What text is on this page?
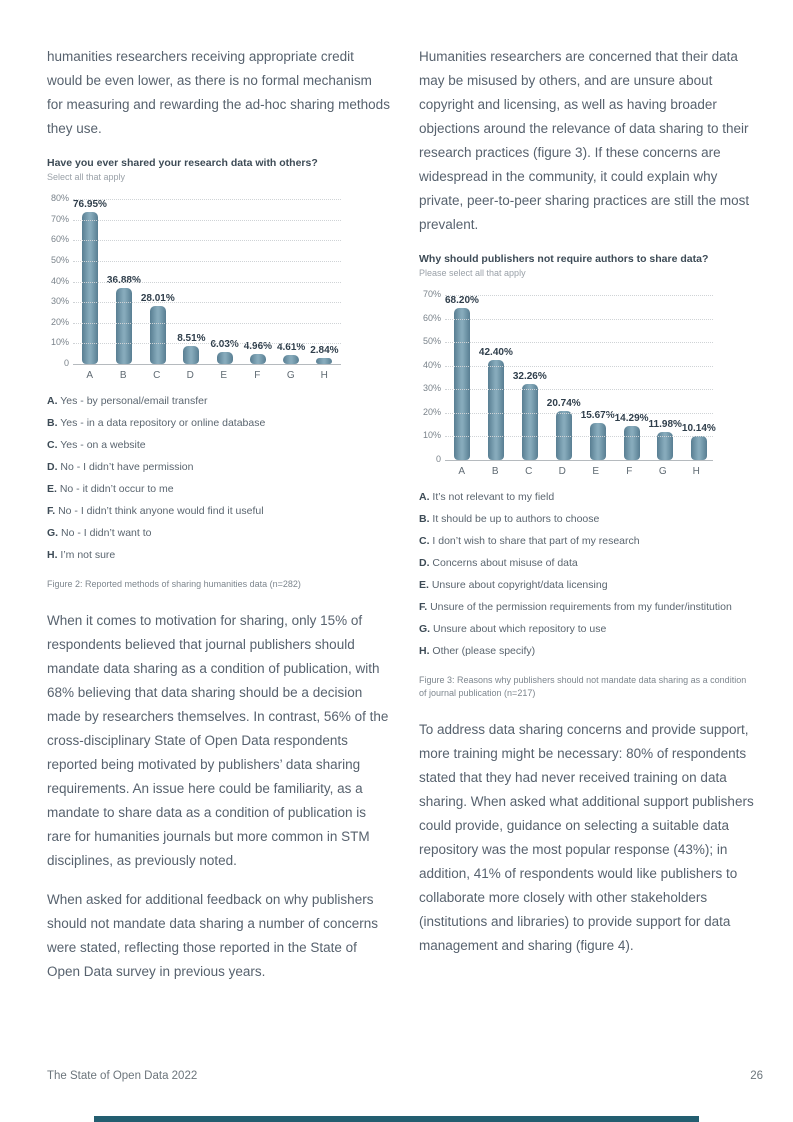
humanities researchers receiving appropriate credit would be even lower, as there is no formal mechanism for measuring and rewarding the ad-hoc sharing methods they use.

Have you ever shared your research data with others?
Select all that apply
76.95%
36.88%
28.01%
8.51% 6.03% 4.96% 4.61% 2.84%
0
10%
20%
30%
40%
50%
60%
70%
80%
A	B	C	D	E	F	G	H
A. Yes - by personal/email transfer
B. Yes - in a data repository or online database
C. Yes - on a website
D. No - I didn’t have permission
E. No - it didn’t occur to me
F. No - I didn’t think anyone would find it useful
G. No - I didn’t want to
H. I’m not sure
Figure 2: Reported methods of sharing humanities data (n=282)

When it comes to motivation for sharing, only 15% of respondents believed that journal publishers should mandate data sharing as a condition of publication, with 68% believing that data sharing should be a decision made by researchers themselves. In contrast, 56% of the cross-disciplinary State of Open Data respondents reported being motivated by publishers’ data sharing requirements. An issue here could be familiarity, as a mandate to share data as a condition of publication is rare for humanities journals but more common in STM disciplines, as previously noted.

When asked for additional feedback on why publishers should not mandate data sharing a number of concerns were stated, reflecting those reported in the State of Open Data survey in previous years.

Humanities researchers are concerned that their data may be misused by others, and are unsure about copyright and licensing, as well as having broader objections around the relevance of data sharing to their research practices (figure 3). If these concerns are widespread in the community, it could explain why private, peer-to-peer sharing practices are still the most prevalent.

Why should publishers not require authors to share data?
Please select all that apply
68.20%
42.40%
32.26%
20.74%
15.67% 14.29% 11.98% 10.14%
0
10%
20%
30%
40%
50%
60%
70%
A	B	C	D	E	F	G	H
A. It’s not relevant to my field
B. It should be up to authors to choose
C. I don’t wish to share that part of my research
D. Concerns about misuse of data
E. Unsure about copyright/data licensing
F. Unsure of the permission requirements from my funder/institution
G. Unsure about which repository to use
H. Other (please specify)
Figure 3: Reasons why publishers should not mandate data sharing as a condition of journal publication (n=217)

To address data sharing concerns and provide support, more training might be necessary: 80% of respondents stated that they had never received training on data sharing. When asked what additional support publishers could provide, guidance on selecting a suitable data repository was the most popular response (43%); in addition, 41% of respondents would like publishers to collaborate more closely with other stakeholders (institutions and libraries) to provide support for data management and sharing (figure 4).

The State of Open Data 2022	26
